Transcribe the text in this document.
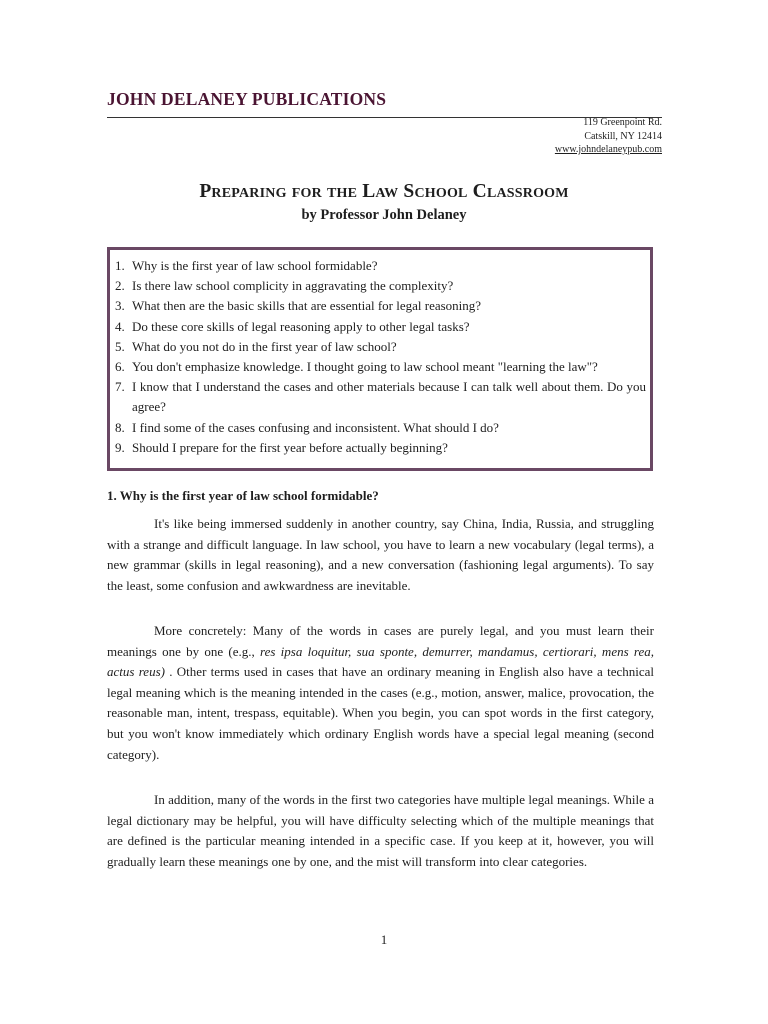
JOHN DELANEY PUBLICATIONS
119 Greenpoint Rd.
Catskill, NY 12414
www.johndelaneypub.com
Preparing for the Law School Classroom
by Professor John Delaney
1. Why is the first year of law school formidable?
2. Is there law school complicity in aggravating the complexity?
3. What then are the basic skills that are essential for legal reasoning?
4. Do these core skills of legal reasoning apply to other legal tasks?
5. What do you not do in the first year of law school?
6. You don't emphasize knowledge. I thought going to law school meant "learning the law"?
7. I know that I understand the cases and other materials because I can talk well about them. Do you agree?
8. I find some of the cases confusing and inconsistent. What should I do?
9. Should I prepare for the first year before actually beginning?
1. Why is the first year of law school formidable?

It's like being immersed suddenly in another country, say China, India, Russia, and struggling with a strange and difficult language. In law school, you have to learn a new vocabulary (legal terms), a new grammar (skills in legal reasoning), and a new conversation (fashioning legal arguments). To say the least, some confusion and awkwardness are inevitable.

More concretely: Many of the words in cases are purely legal, and you must learn their meanings one by one (e.g., res ipsa loquitur, sua sponte, demurrer, mandamus, certiorari, mens rea, actus reus) . Other terms used in cases that have an ordinary meaning in English also have a technical legal meaning which is the meaning intended in the cases (e.g., motion, answer, malice, provocation, the reasonable man, intent, trespass, equitable). When you begin, you can spot words in the first category, but you won't know immediately which ordinary English words have a special legal meaning (second category).

In addition, many of the words in the first two categories have multiple legal meanings. While a legal dictionary may be helpful, you will have difficulty selecting which of the multiple meanings that are defined is the particular meaning intended in a specific case. If you keep at it, however, you will gradually learn these meanings one by one, and the mist will transform into clear categories.

1
